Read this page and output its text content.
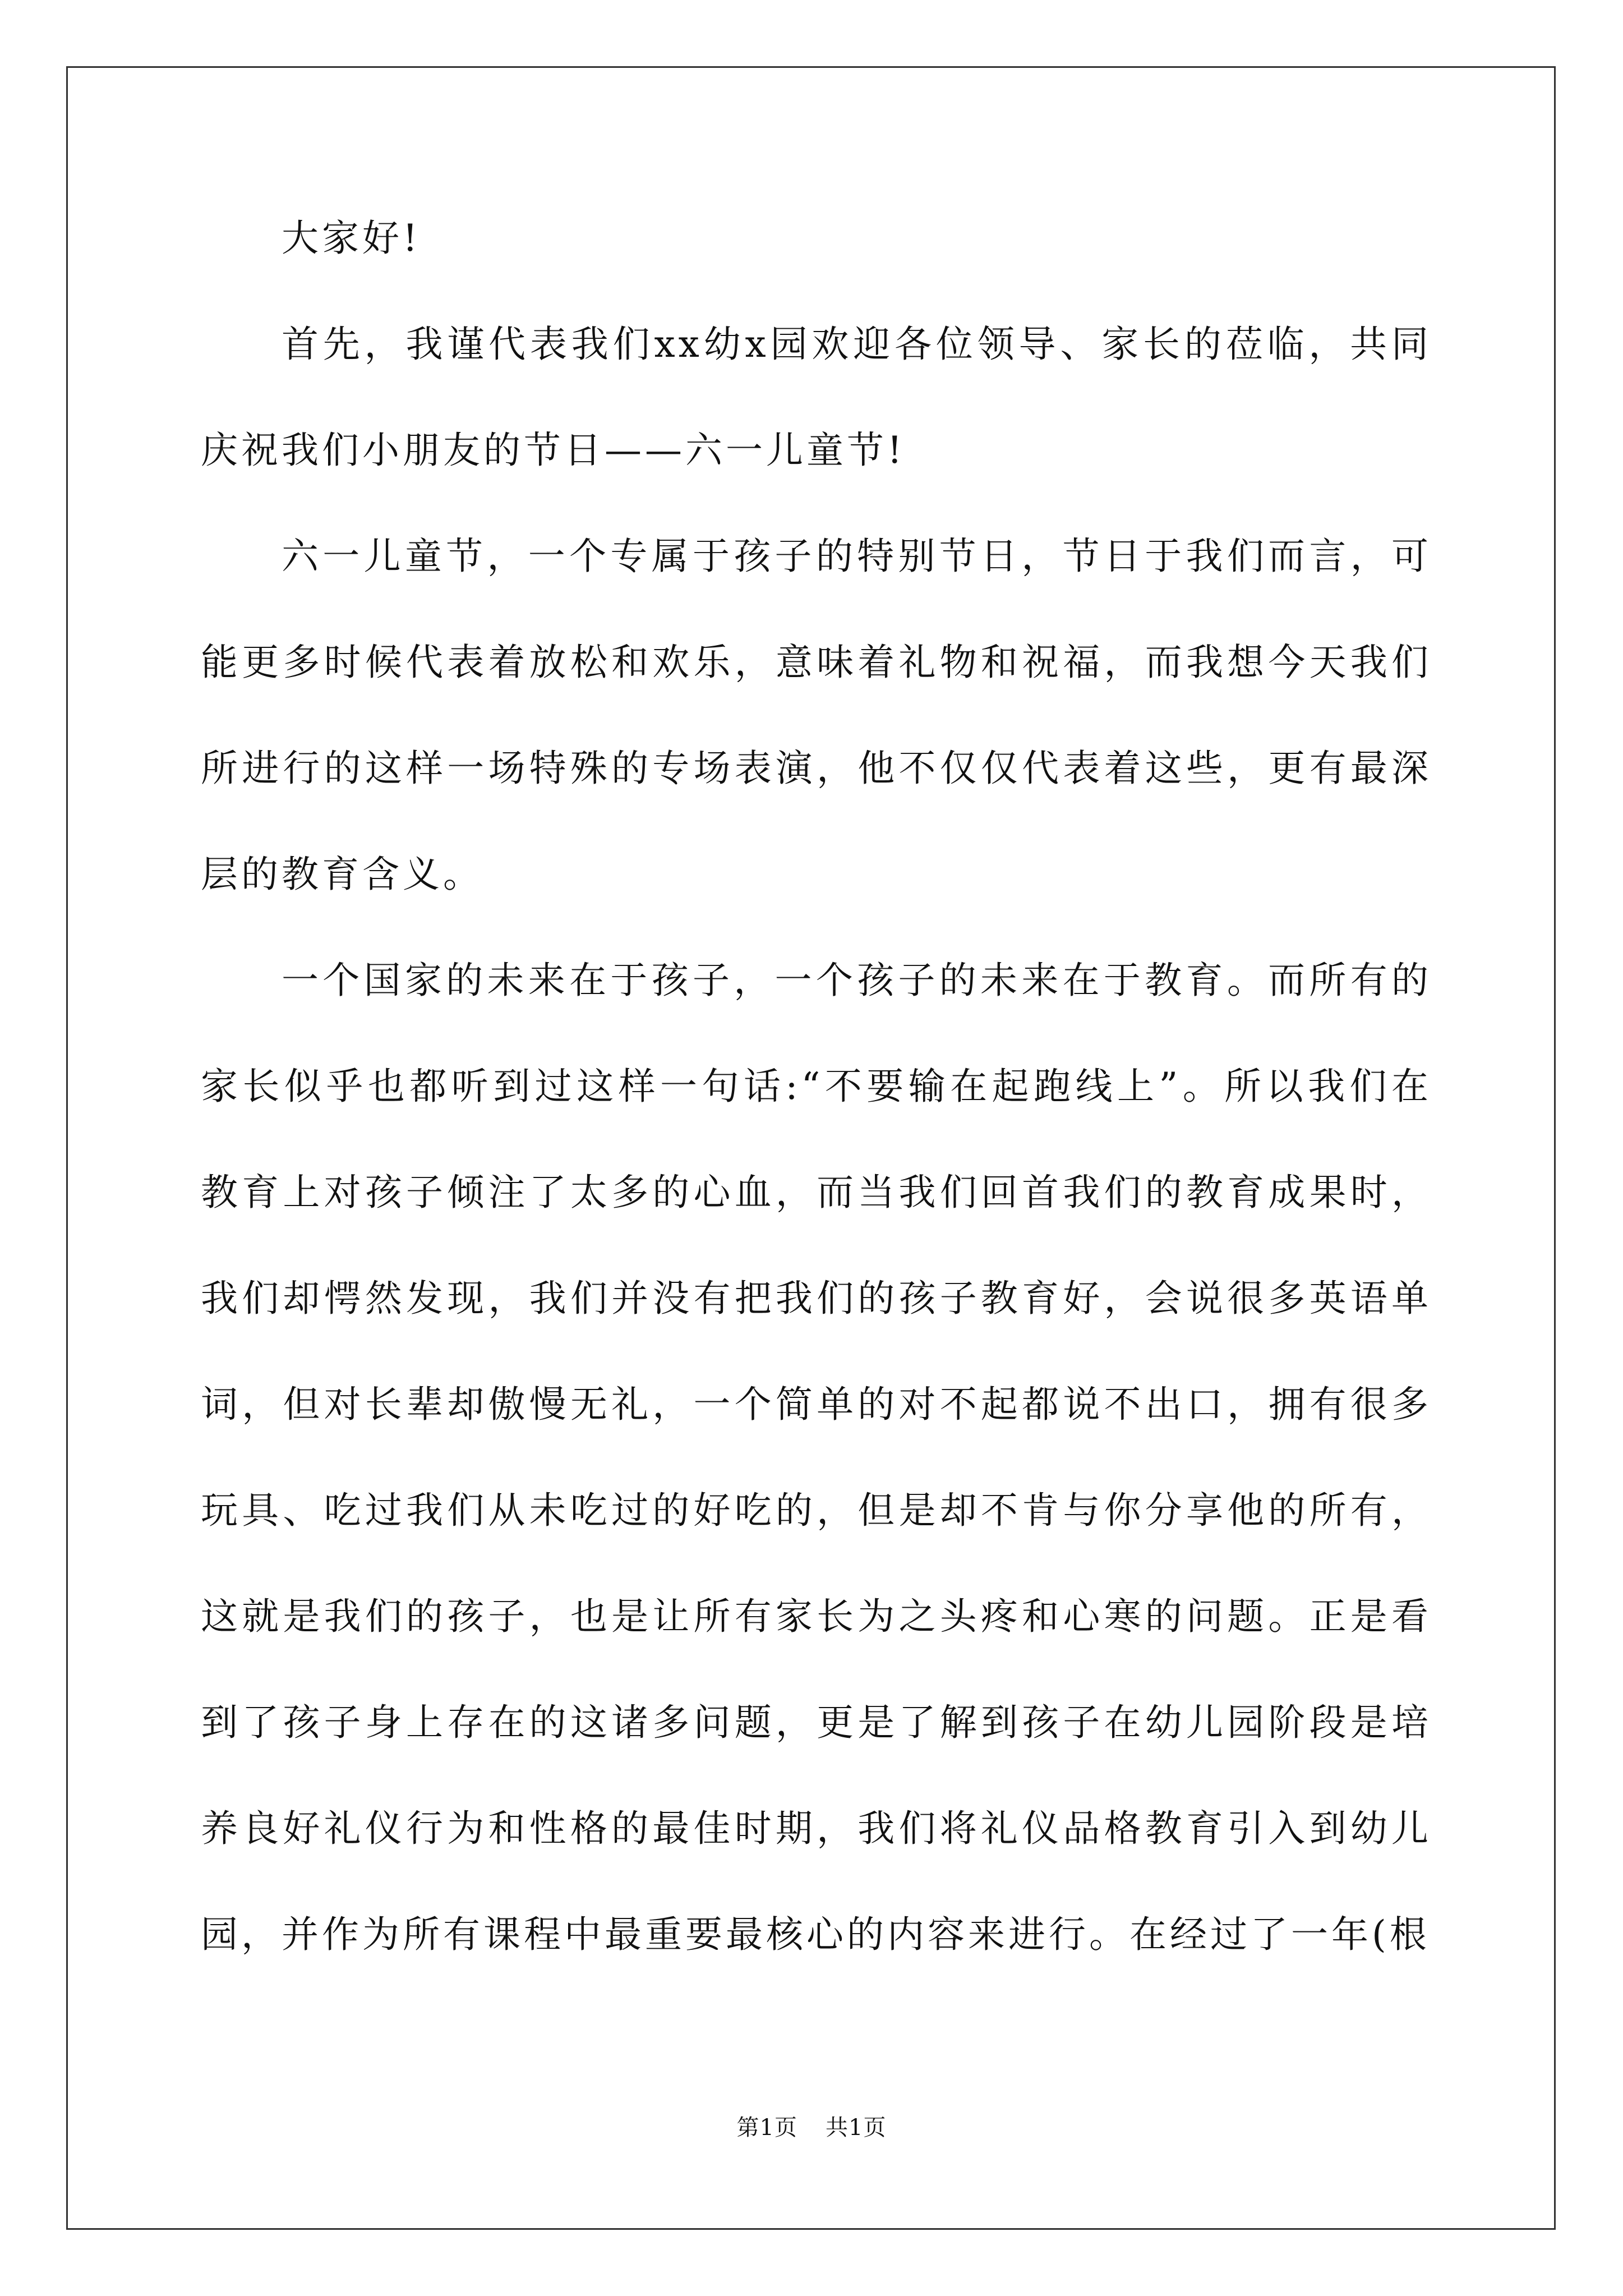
大家好!

首先，我谨代表我们xx幼x园欢迎各位领导、家长的莅临，共同庆祝我们小朋友的节日——六一儿童节!

六一儿童节，一个专属于孩子的特别节日，节日于我们而言，可能更多时候代表着放松和欢乐，意味着礼物和祝福，而我想今天我们所进行的这样一场特殊的专场表演，他不仅仅代表着这些，更有最深层的教育含义。

一个国家的未来在于孩子，一个孩子的未来在于教育。而所有的家长似乎也都听到过这样一句话:“不要输在起跑线上”。所以我们在教育上对孩子倾注了太多的心血，而当我们回首我们的教育成果时，我们却愕然发现，我们并没有把我们的孩子教育好，会说很多英语单词，但对长辈却傲慢无礼，一个简单的对不起都说不出口，拥有很多玩具、吃过我们从未吃过的好吃的，但是却不肯与你分享他的所有，这就是我们的孩子，也是让所有家长为之头疼和心寒的问题。正是看到了孩子身上存在的这诸多问题，更是了解到孩子在幼儿园阶段是培养良好礼仪行为和性格的最佳时期，我们将礼仪品格教育引入到幼儿园，并作为所有课程中最重要最核心的内容来进行。在经过了一年(根

第1页 共1页
